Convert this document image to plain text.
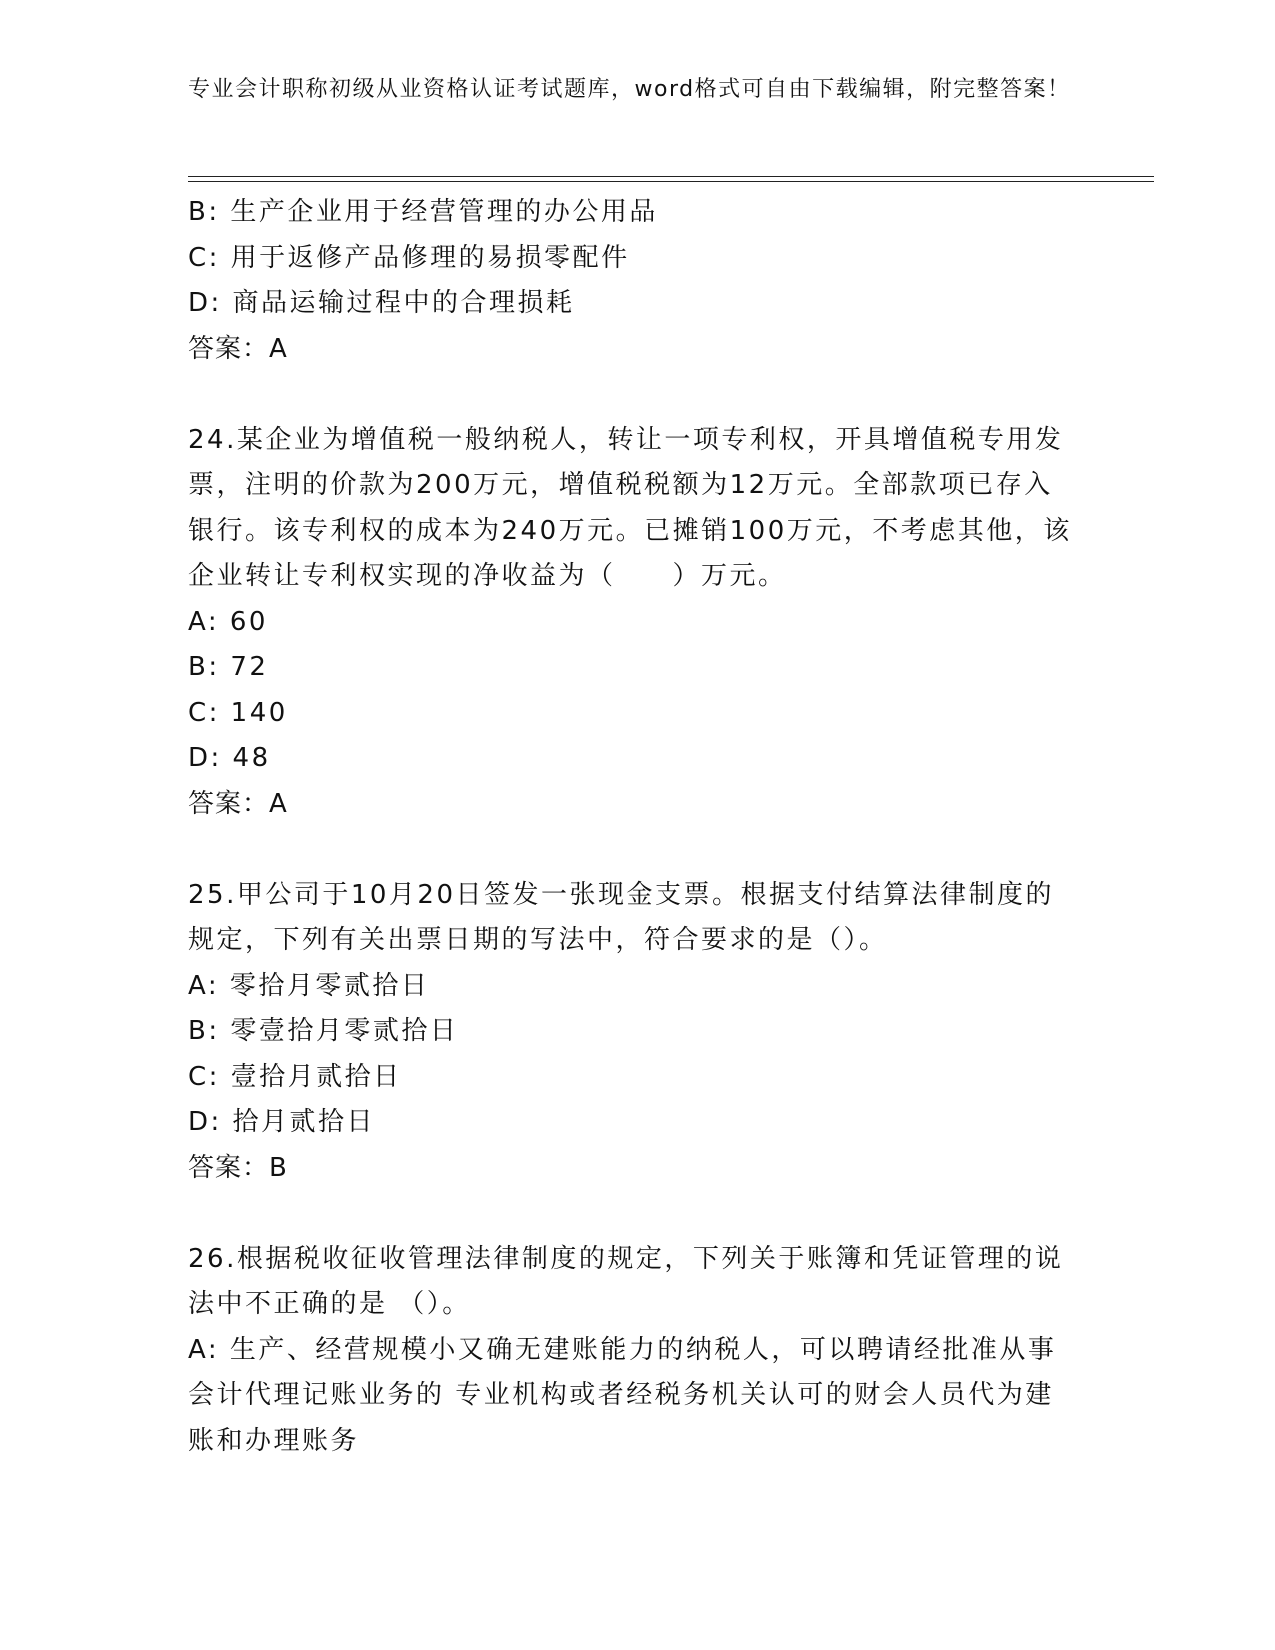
专业会计职称初级从业资格认证考试题库，word格式可自由下载编辑，附完整答案！
B: 生产企业用于经营管理的办公用品
C: 用于返修产品修理的易损零配件
D: 商品运输过程中的合理损耗
答案：A
24.某企业为增值税一般纳税人，转让一项专利权，开具增值税专用发票，注明的价款为200万元，增值税税额为12万元。全部款项已存入银行。该专利权的成本为240万元。已摊销100万元，不考虑其他，该企业转让专利权实现的净收益为（　　）万元。
A: 60
B: 72
C: 140
D: 48
答案：A
25.甲公司于10月20日签发一张现金支票。根据支付结算法律制度的规定，下列有关出票日期的写法中，符合要求的是（）。
A: 零拾月零贰拾日
B: 零壹拾月零贰拾日
C: 壹拾月贰拾日
D: 拾月贰拾日
答案：B
26.根据税收征收管理法律制度的规定，下列关于账簿和凭证管理的说法中不正确的是 （）。
A: 生产、经营规模小又确无建账能力的纳税人，可以聘请经批准从事会计代理记账业务的 专业机构或者经税务机关认可的财会人员代为建账和办理账务
